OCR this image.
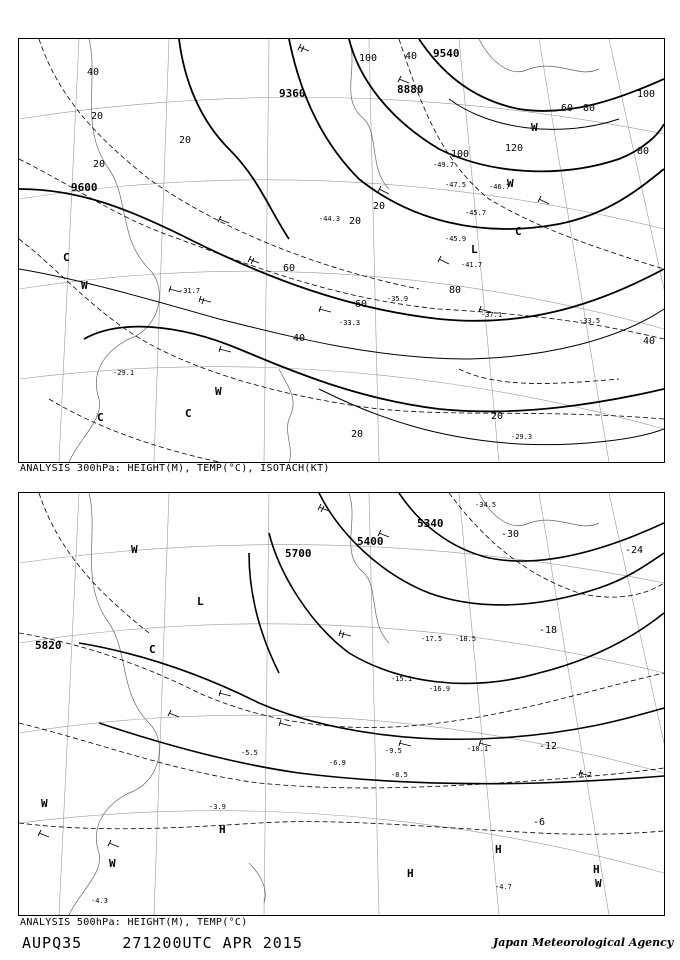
9360	8880
9540
9600
40
20
100	40
20
60 80
100
120
100	80
60
40
20
20
20
60
40
20
20
80
-41.7
-45.9
-44.3
-47.5	-46.7
-45.7
-35.9
-37.1
-33.5
-29.1
-29.3
-31.7
-33.3
-49.7
W
C	C
W
L
W
C
C
W
ANALYSIS 300hPa: HEIGHT(M), TEMP(°C), ISOTACH(KT)
5340
5400
5700
5820
-30
-24
-18
-12
-6
-34.5
-17.5 -18.5
-15.1
-16.9
-9.5
-8.5
-6.9
-7.7
-10.1
-4.7
-3.9
-5.5
-4.3
W
L
C
H
H
H
H
W
W
W
ANALYSIS 500hPa: HEIGHT(M), TEMP(°C)
AUPQ35	271200UTC APR 2015	Japan Meteorological Agency
